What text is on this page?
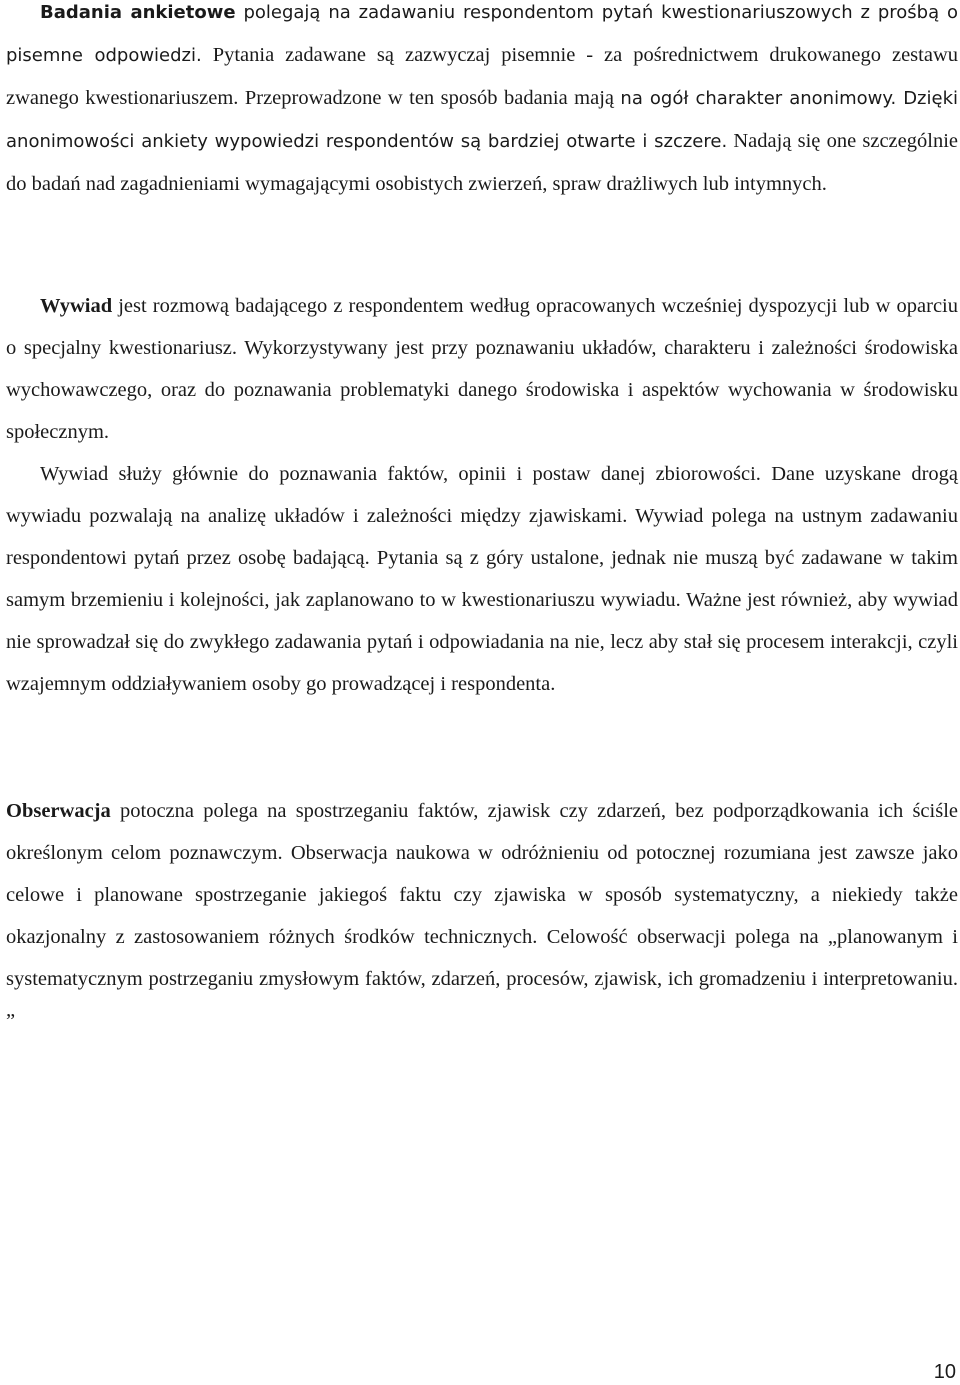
Badania ankietowe polegają na zadawaniu respondentom pytań kwestionariuszowych z prośbą o pisemne odpowiedzi. Pytania zadawane są zazwyczaj pisemnie - za pośrednictwem drukowanego zestawu zwanego kwestionariuszem. Przeprowadzone w ten sposób badania mają na ogół charakter anonimowy. Dzięki anonimowości ankiety wypowiedzi respondentów są bardziej otwarte i szczere. Nadają się one szczególnie do badań nad zagadnieniami wymagającymi osobistych zwierzeń, spraw drażliwych lub intymnych.

Wywiad jest rozmową badającego z respondentem według opracowanych wcześniej dyspozycji lub w oparciu o specjalny kwestionariusz. Wykorzystywany jest przy poznawaniu układów, charakteru i zależności środowiska wychowawczego, oraz do poznawania problematyki danego środowiska i aspektów wychowania w środowisku społecznym.
Wywiad służy głównie do poznawania faktów, opinii i postaw danej zbiorowości. Dane uzyskane drogą wywiadu pozwalają na analizę układów i zależności między zjawiskami. Wywiad polega na ustnym zadawaniu respondentowi pytań przez osobę badającą. Pytania są z góry ustalone, jednak nie muszą być zadawane w takim samym brzemieniu i kolejności, jak zaplanowano to w kwestionariuszu wywiadu. Ważne jest również, aby wywiad nie sprowadzał się do zwykłego zadawania pytań i odpowiadania na nie, lecz aby stał się procesem interakcji, czyli wzajemnym oddziaływaniem osoby go prowadzącej i respondenta.

Obserwacja potoczna polega na spostrzeganiu faktów, zjawisk czy zdarzeń, bez podporządkowania ich ściśle określonym celom poznawczym. Obserwacja naukowa w odróżnieniu od potocznej rozumiana jest zawsze jako celowe i planowane spostrzeganie jakiegoś faktu czy zjawiska w sposób systematyczny, a niekiedy także okazjonalny z zastosowaniem różnych środków technicznych. Celowość obserwacji polega na „planowanym i systematycznym postrzeganiu zmysłowym faktów, zdarzeń, procesów, zjawisk, ich gromadzeniu i interpretowaniu. ”

10
